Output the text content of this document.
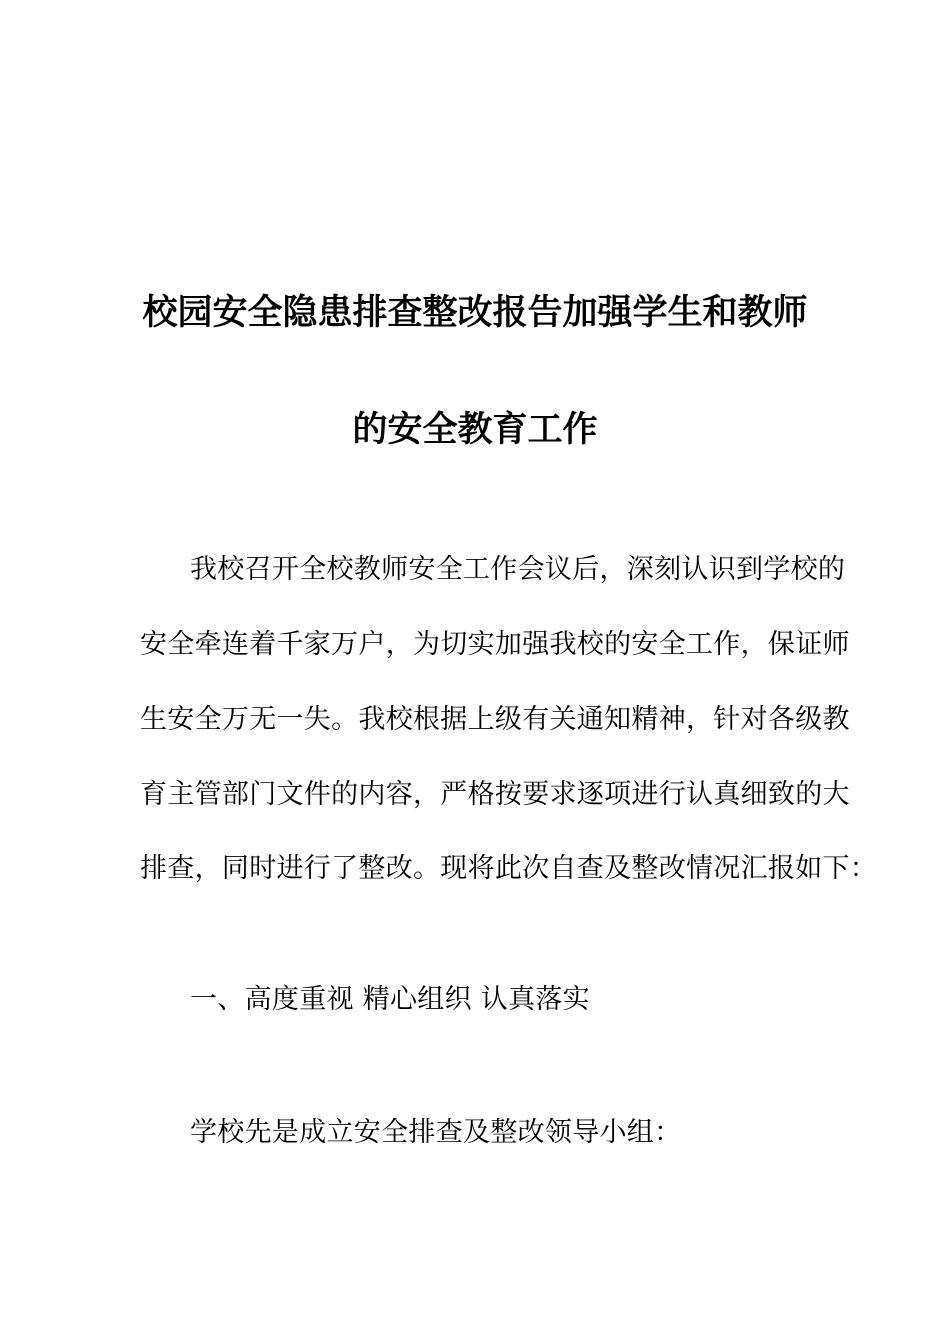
校园安全隐患排查整改报告加强学生和教师
的安全教育工作
我校召开全校教师安全工作会议后，深刻认识到学校的
安全牵连着千家万户，为切实加强我校的安全工作，保证师
生安全万无一失。我校根据上级有关通知精神，针对各级教
育主管部门文件的内容，严格按要求逐项进行认真细致的大
排查，同时进行了整改。现将此次自查及整改情况汇报如下：
一、高度重视 精心组织 认真落实
学校先是成立安全排查及整改领导小组：
